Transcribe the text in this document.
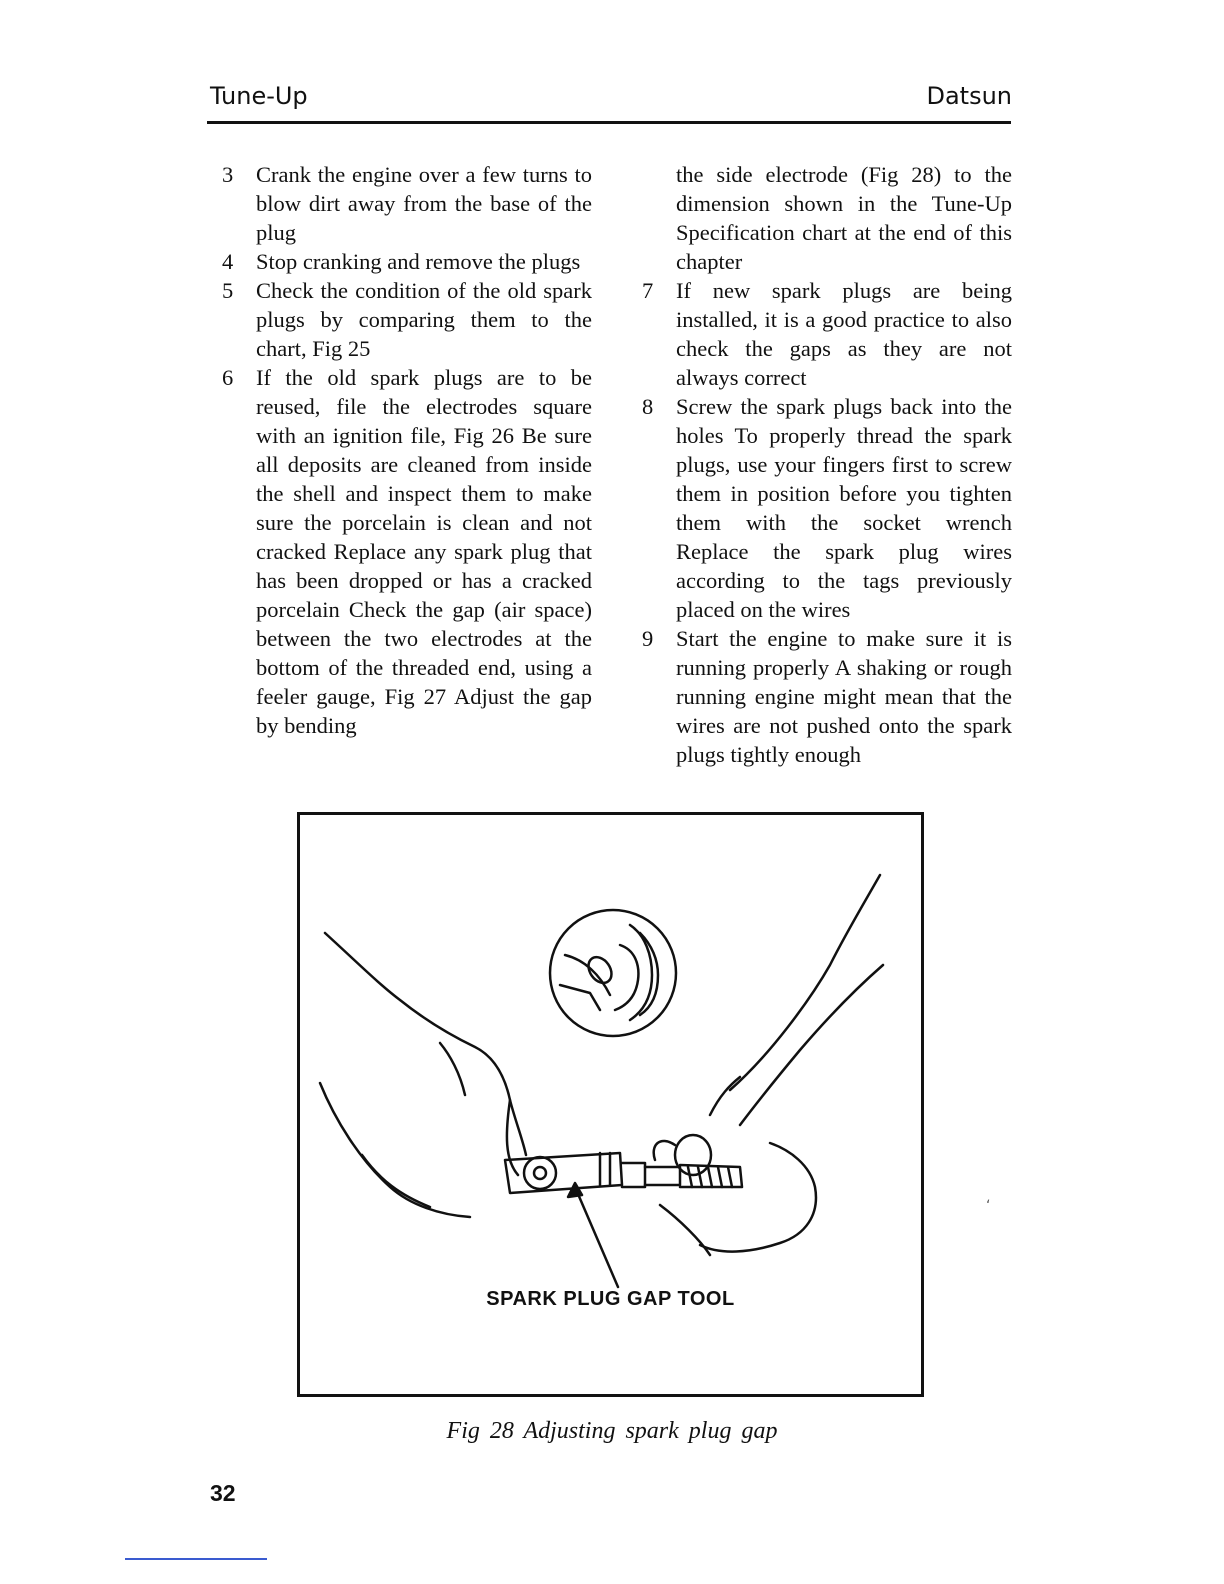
Tune-Up	Datsun
3 Crank the engine over a few turns to blow dirt away from the base of the plug
4 Stop cranking and remove the plugs
5 Check the condition of the old spark plugs by comparing them to the chart, Fig 25
6 If the old spark plugs are to be reused, file the electrodes square with an ignition file, Fig 26 Be sure all deposits are cleaned from inside the shell and inspect them to make sure the porcelain is clean and not cracked Replace any spark plug that has been dropped or has a cracked porcelain Check the gap (air space) between the two electrodes at the bottom of the threaded end, using a feeler gauge, Fig 27 Adjust the gap by bending
the side electrode (Fig 28) to the dimension shown in the Tune-Up Specification chart at the end of this chapter
7 If new spark plugs are being installed, it is a good practice to also check the gaps as they are not always correct
8 Screw the spark plugs back into the holes To properly thread the spark plugs, use your fingers first to screw them in position before you tighten them with the socket wrench Replace the spark plug wires according to the tags previously placed on the wires
9 Start the engine to make sure it is running properly A shaking or rough running engine might mean that the wires are not pushed onto the spark plugs tightly enough
SPARK PLUG GAP TOOL
‘
Fig 28 Adjusting spark plug gap
32
